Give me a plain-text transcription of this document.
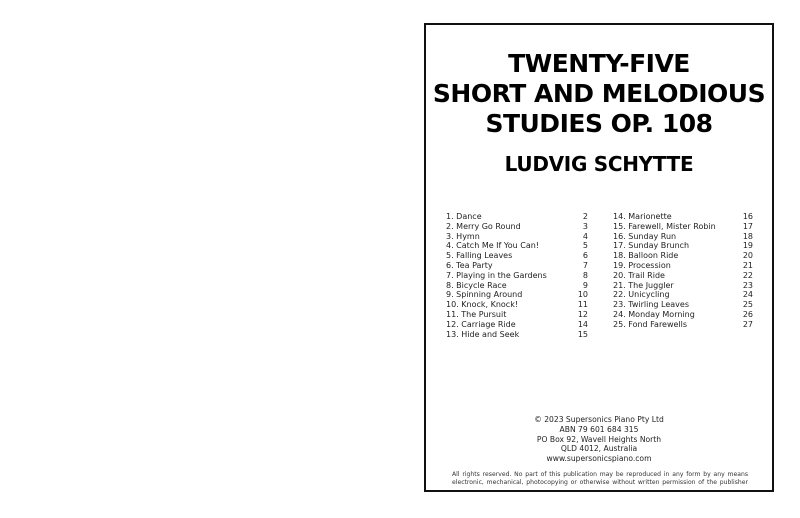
TWENTY-FIVE
SHORT AND MELODIOUS
STUDIES OP. 108
LUDVIG SCHYTTE
1. Dance	2
2. Merry Go Round	3
3. Hymn	4
4. Catch Me If You Can!	5
5. Falling Leaves	6
6. Tea Party	7
7. Playing in the Gardens	8
8. Bicycle Race	9
9. Spinning Around	10
10. Knock, Knock!	11
11. The Pursuit	12
12. Carriage Ride	14
13. Hide and Seek	15
14. Marionette	16
15. Farewell, Mister Robin	17
16. Sunday Run	18
17. Sunday Brunch	19
18. Balloon Ride	20
19. Procession	21
20. Trail Ride	22
21. The Juggler	23
22. Unicycling	24
23. Twirling Leaves	25
24. Monday Morning	26
25. Fond Farewells	27
© 2023 Supersonics Piano Pty Ltd
ABN 79 601 684 315
PO Box 92, Wavell Heights North
QLD 4012, Australia
www.supersonicspiano.com
All rights reserved. No part of this publication may be reproduced in any form by any means electronic, mechanical, photocopying or otherwise without written permission of the publisher
